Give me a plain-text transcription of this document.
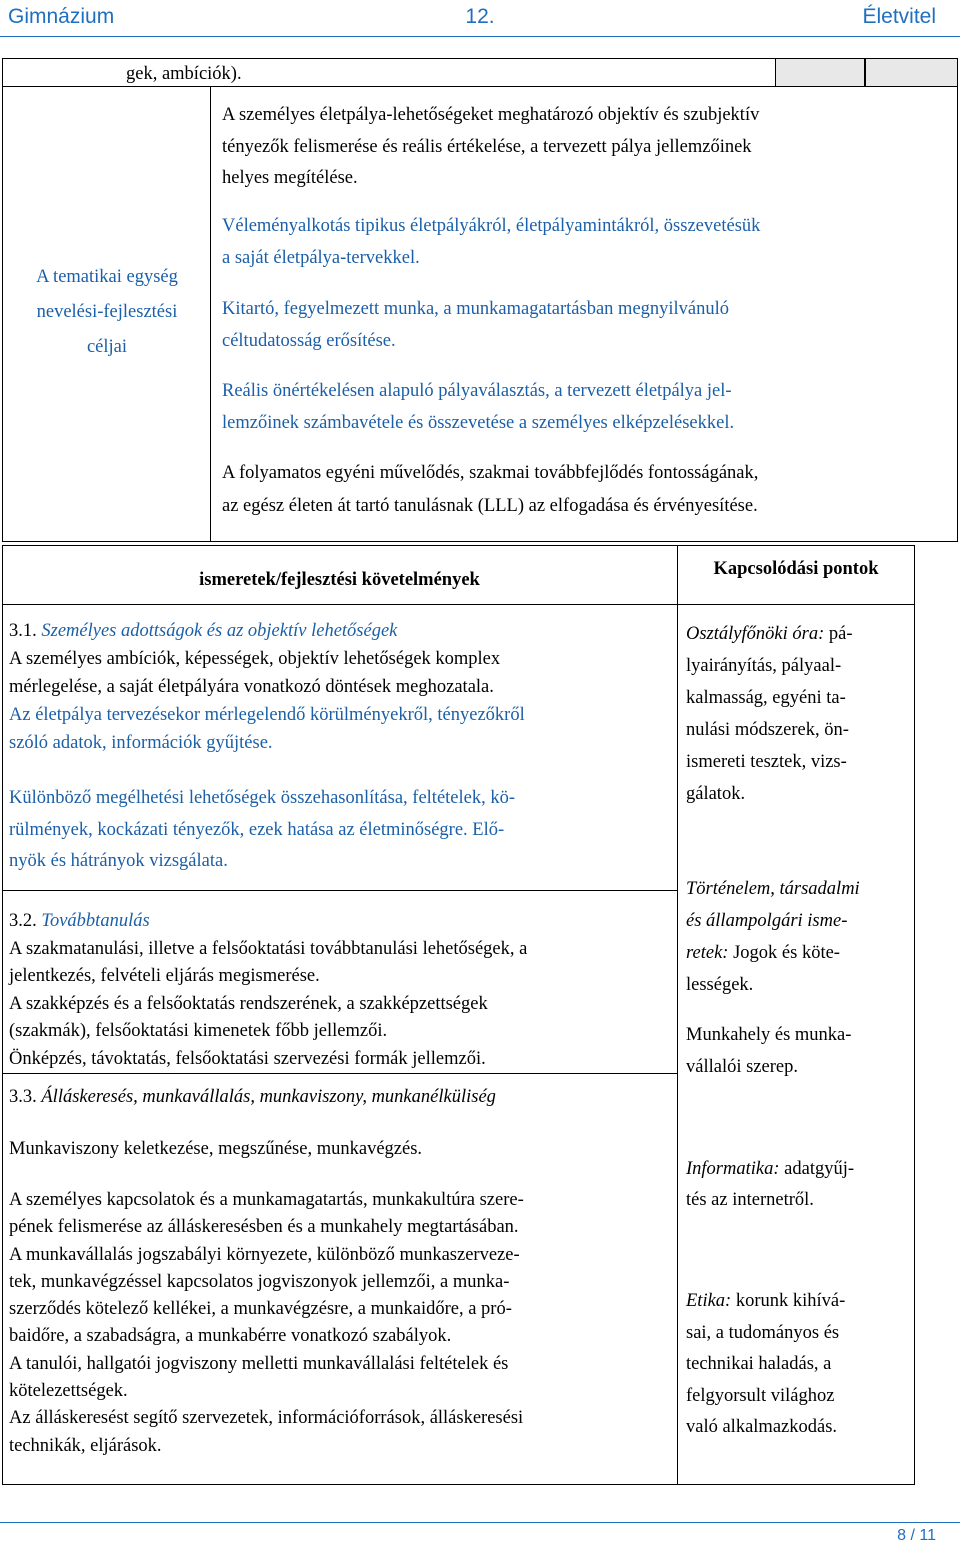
Gimnázium	12.	Életvitel
gek, ambíciók).
A tematikai egység
nevelési-fejlesztési
céljai
A személyes életpálya-lehetőségeket meghatározó objektív és szubjektív
tényezők felismerése és reális értékelése, a tervezett pálya jellemzőinek
helyes megítélése.
Véleményalkotás tipikus életpályákról, életpályamintákról, összevetésük
a saját életpálya-tervekkel.
Kitartó, fegyelmezett munka, a munkamagatartásban megnyilvánuló
céltudatosság erősítése.
Reális önértékelésen alapuló pályaválasztás, a tervezett életpálya jel-
lemzőinek számbavétele és összevetése a személyes elképzelésekkel.
A folyamatos egyéni művelődés, szakmai továbbfejlődés fontosságának,
az egész életen át tartó tanulásnak (LLL) az elfogadása és érvényesítése.
ismeretek/fejlesztési követelmények
Kapcsolódási pontok
3.1. Személyes adottságok és az objektív lehetőségek
A személyes ambíciók, képességek, objektív lehetőségek komplex
mérlegelése, a saját életpályára vonatkozó döntések meghozatala.
Az életpálya tervezésekor mérlegelendő körülményekről, tényezőkről
szóló adatok, információk gyűjtése.
Különböző megélhetési lehetőségek összehasonlítása, feltételek, kö-
rülmények, kockázati tényezők, ezek hatása az életminőségre. Elő-
nyök és hátrányok vizsgálata.
3.2. Továbbtanulás
A szakmatanulási, illetve a felsőoktatási továbbtanulási lehetőségek, a
jelentkezés, felvételi eljárás megismerése.
A szakképzés és a felsőoktatás rendszerének, a szakképzettségek
(szakmák), felsőoktatási kimenetek főbb jellemzői.
Önképzés, távoktatás, felsőoktatási szervezési formák jellemzői.
3.3. Álláskeresés, munkavállalás, munkaviszony, munkanélküliség
Munkaviszony keletkezése, megszűnése, munkavégzés.
A személyes kapcsolatok és a munkamagatartás, munkakultúra szere-
pének felismerése az álláskeresésben és a munkahely megtartásában.
A munkavállalás jogszabályi környezete, különböző munkaszervezе-
tek, munkavégzéssel kapcsolatos jogviszonyok jellemzői, a munka-
szerződés kötelező kellékei, a munkavégzésre, a munkaidőre, a pró-
baidőre, a szabadságra, a munkabérre vonatkozó szabályok.
A tanulói, hallgatói jogviszony melletti munkavállalási feltételek és
kötelezettségek.
Az álláskeresést segítő szervezetek, információforrások, álláskeresési
technikák, eljárások.
Osztályfőnöki óra: pá-
lyairányítás, pályaal-
kalmasság, egyéni ta-
nulási módszerek, ön-
ismereti tesztek, vizs-
gálatok.
Történelem, társadalmi
és állampolgári isme-
retek: Jogok és köte-
lességek.
Munkahely és munka-
vállalói szerep.
Informatika: adatgyűj-
tés az internetről.
Etika: korunk kihívá-
sai, a tudományos és
technikai haladás, a
felgyorsult világhoz
való alkalmazkodás.
8 / 11
